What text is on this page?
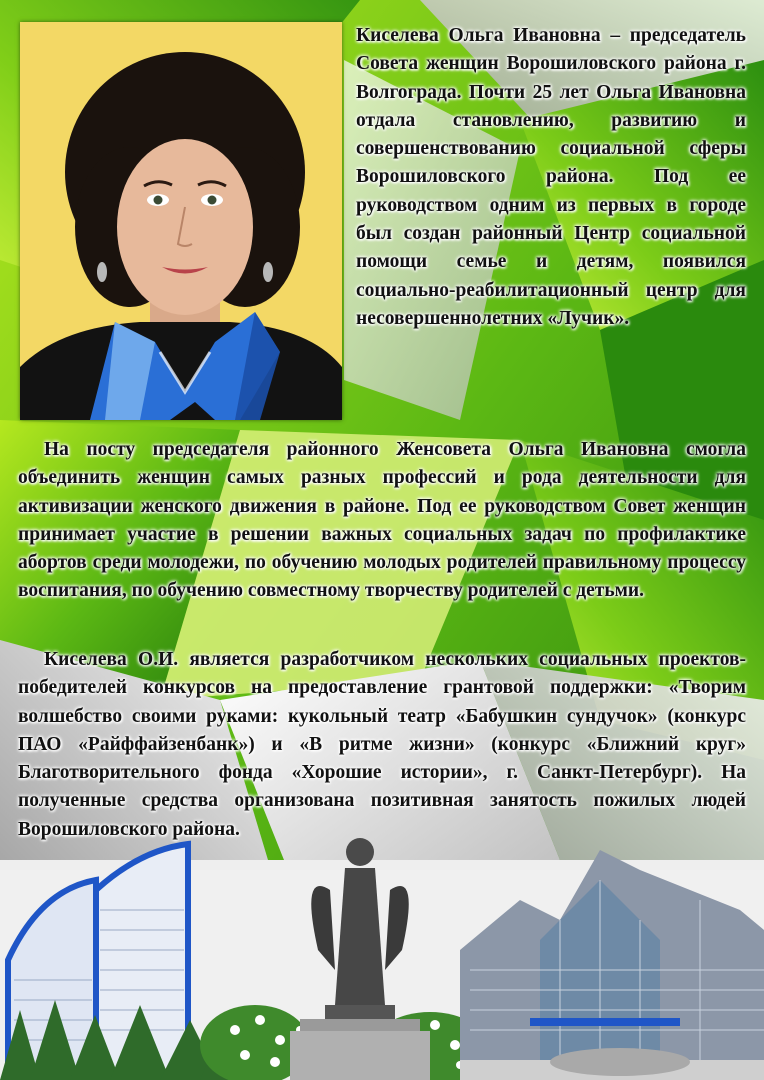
Киселева Ольга Ивановна – председатель Совета женщин Ворошиловского района г. Волгограда. Почти 25 лет Ольга Ивановна отдала становлению, развитию и совершенствованию социальной сферы Ворошиловского района. Под ее руководством одним из первых в городе был создан районный Центр социальной помощи семье и детям, появился социально-реабилитационный центр для несовершеннолетних «Лучик».

На посту председателя районного Женсовета Ольга Ивановна смогла объединить женщин самых разных профессий и рода деятельности для активизации женского движения в районе. Под ее руководством Совет женщин принимает участие в решении важных социальных задач по профилактике абортов среди молодежи, по обучению молодых родителей правильному процессу воспитания, по обучению совместному творчеству родителей с детьми.

Киселева О.И. является разработчиком нескольких социальных проектов-победителей конкурсов на предоставление грантовой поддержки: «Творим волшебство своими руками: кукольный театр «Бабушкин сундучок» (конкурс ПАО «Райффайзенбанк») и «В ритме жизни» (конкурс «Ближний круг» Благотворительного фонда «Хорошие истории», г. Санкт-Петербург). На полученные средства организована позитивная занятость пожилых людей Ворошиловского района.
